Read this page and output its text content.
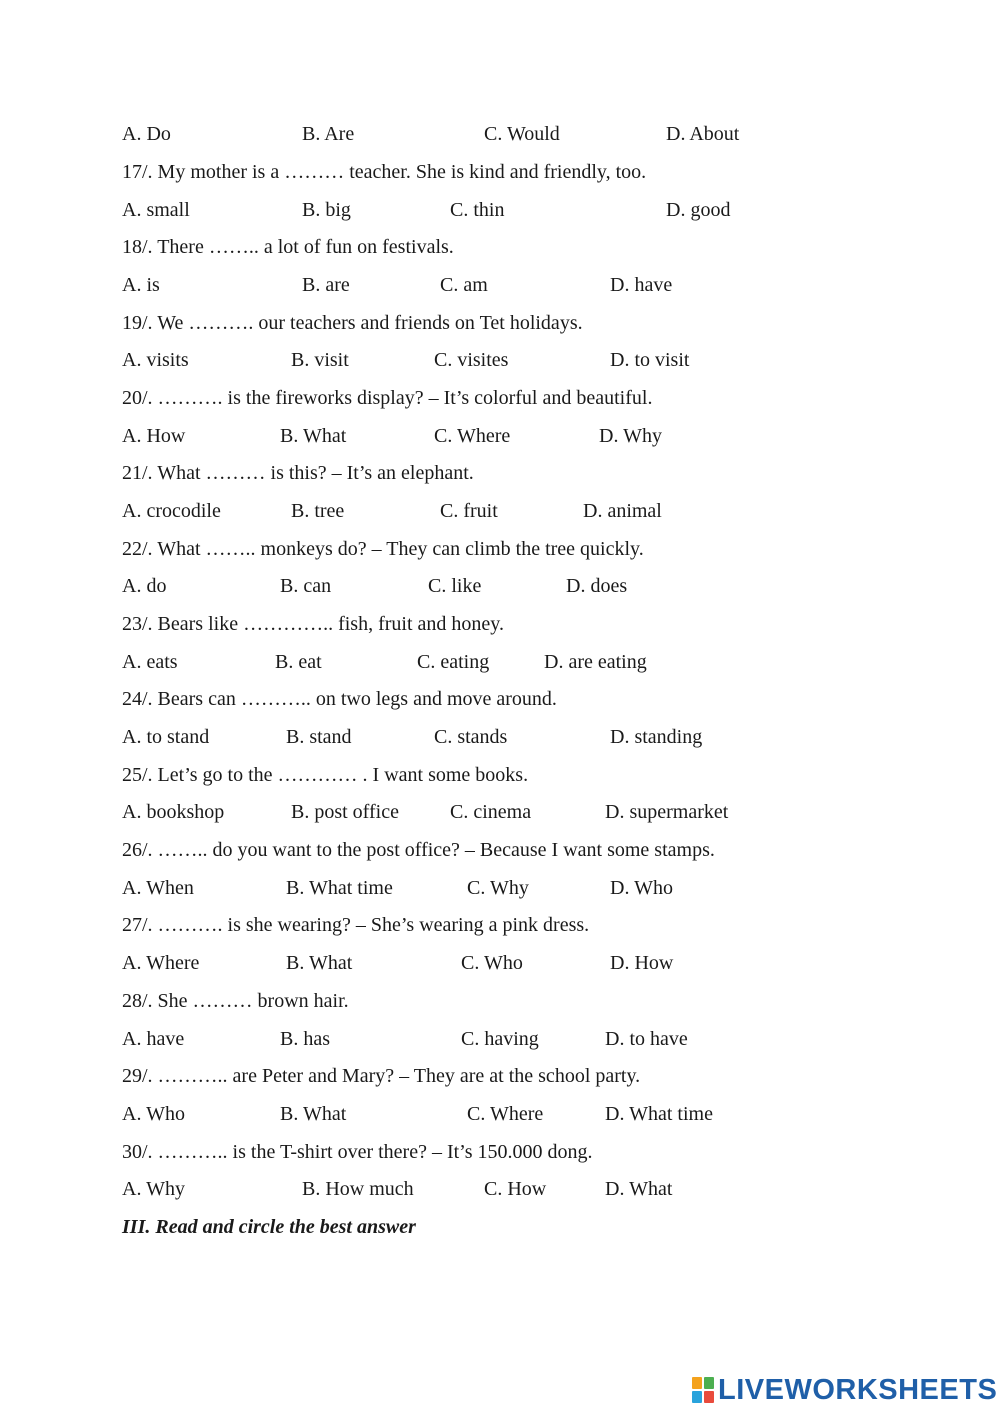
A. Do	B. Are	C. Would	D. About
17/. My mother is a ……… teacher. She is kind and friendly, too.
A. small	B. big	C. thin	D. good
18/. There …….. a lot of fun on festivals.
A. is	B. are	C. am	D. have
19/. We ………. our teachers and friends on Tet holidays.
A. visits	B. visit	C. visites	D. to visit
20/. ………. is the fireworks display? – It’s colorful and beautiful.
A. How	B. What	C. Where	D. Why
21/. What ……… is this? – It’s an elephant.
A. crocodile	B. tree	C. fruit	D. animal
22/. What …….. monkeys do? – They can climb the tree quickly.
A. do	B. can	C. like	D. does
23/. Bears like ………….. fish, fruit and honey.
A. eats	B. eat	C. eating	D. are eating
24/. Bears can ……….. on two legs and move around.
A. to stand	B. stand	C. stands	D. standing
25/. Let’s go to the ………… . I want some books.
A. bookshop	B. post office	C. cinema	D. supermarket
26/. …….. do you want to the post office? – Because I want some stamps.
A. When	B. What time	C. Why	D. Who
27/. ………. is she wearing? – She’s wearing a pink dress.
A. Where	B. What	C. Who	D. How
28/. She ……… brown hair.
A. have	B. has	C. having	D. to have
29/. ……….. are Peter and Mary? – They are at the school party.
A. Who	B. What	C. Where	D. What time
30/. ……….. is the T-shirt over there? – It’s 150.000 dong.
A. Why	B. How much	C. How	D. What
III. Read and circle the best answer
LIVEWORKSHEETS
